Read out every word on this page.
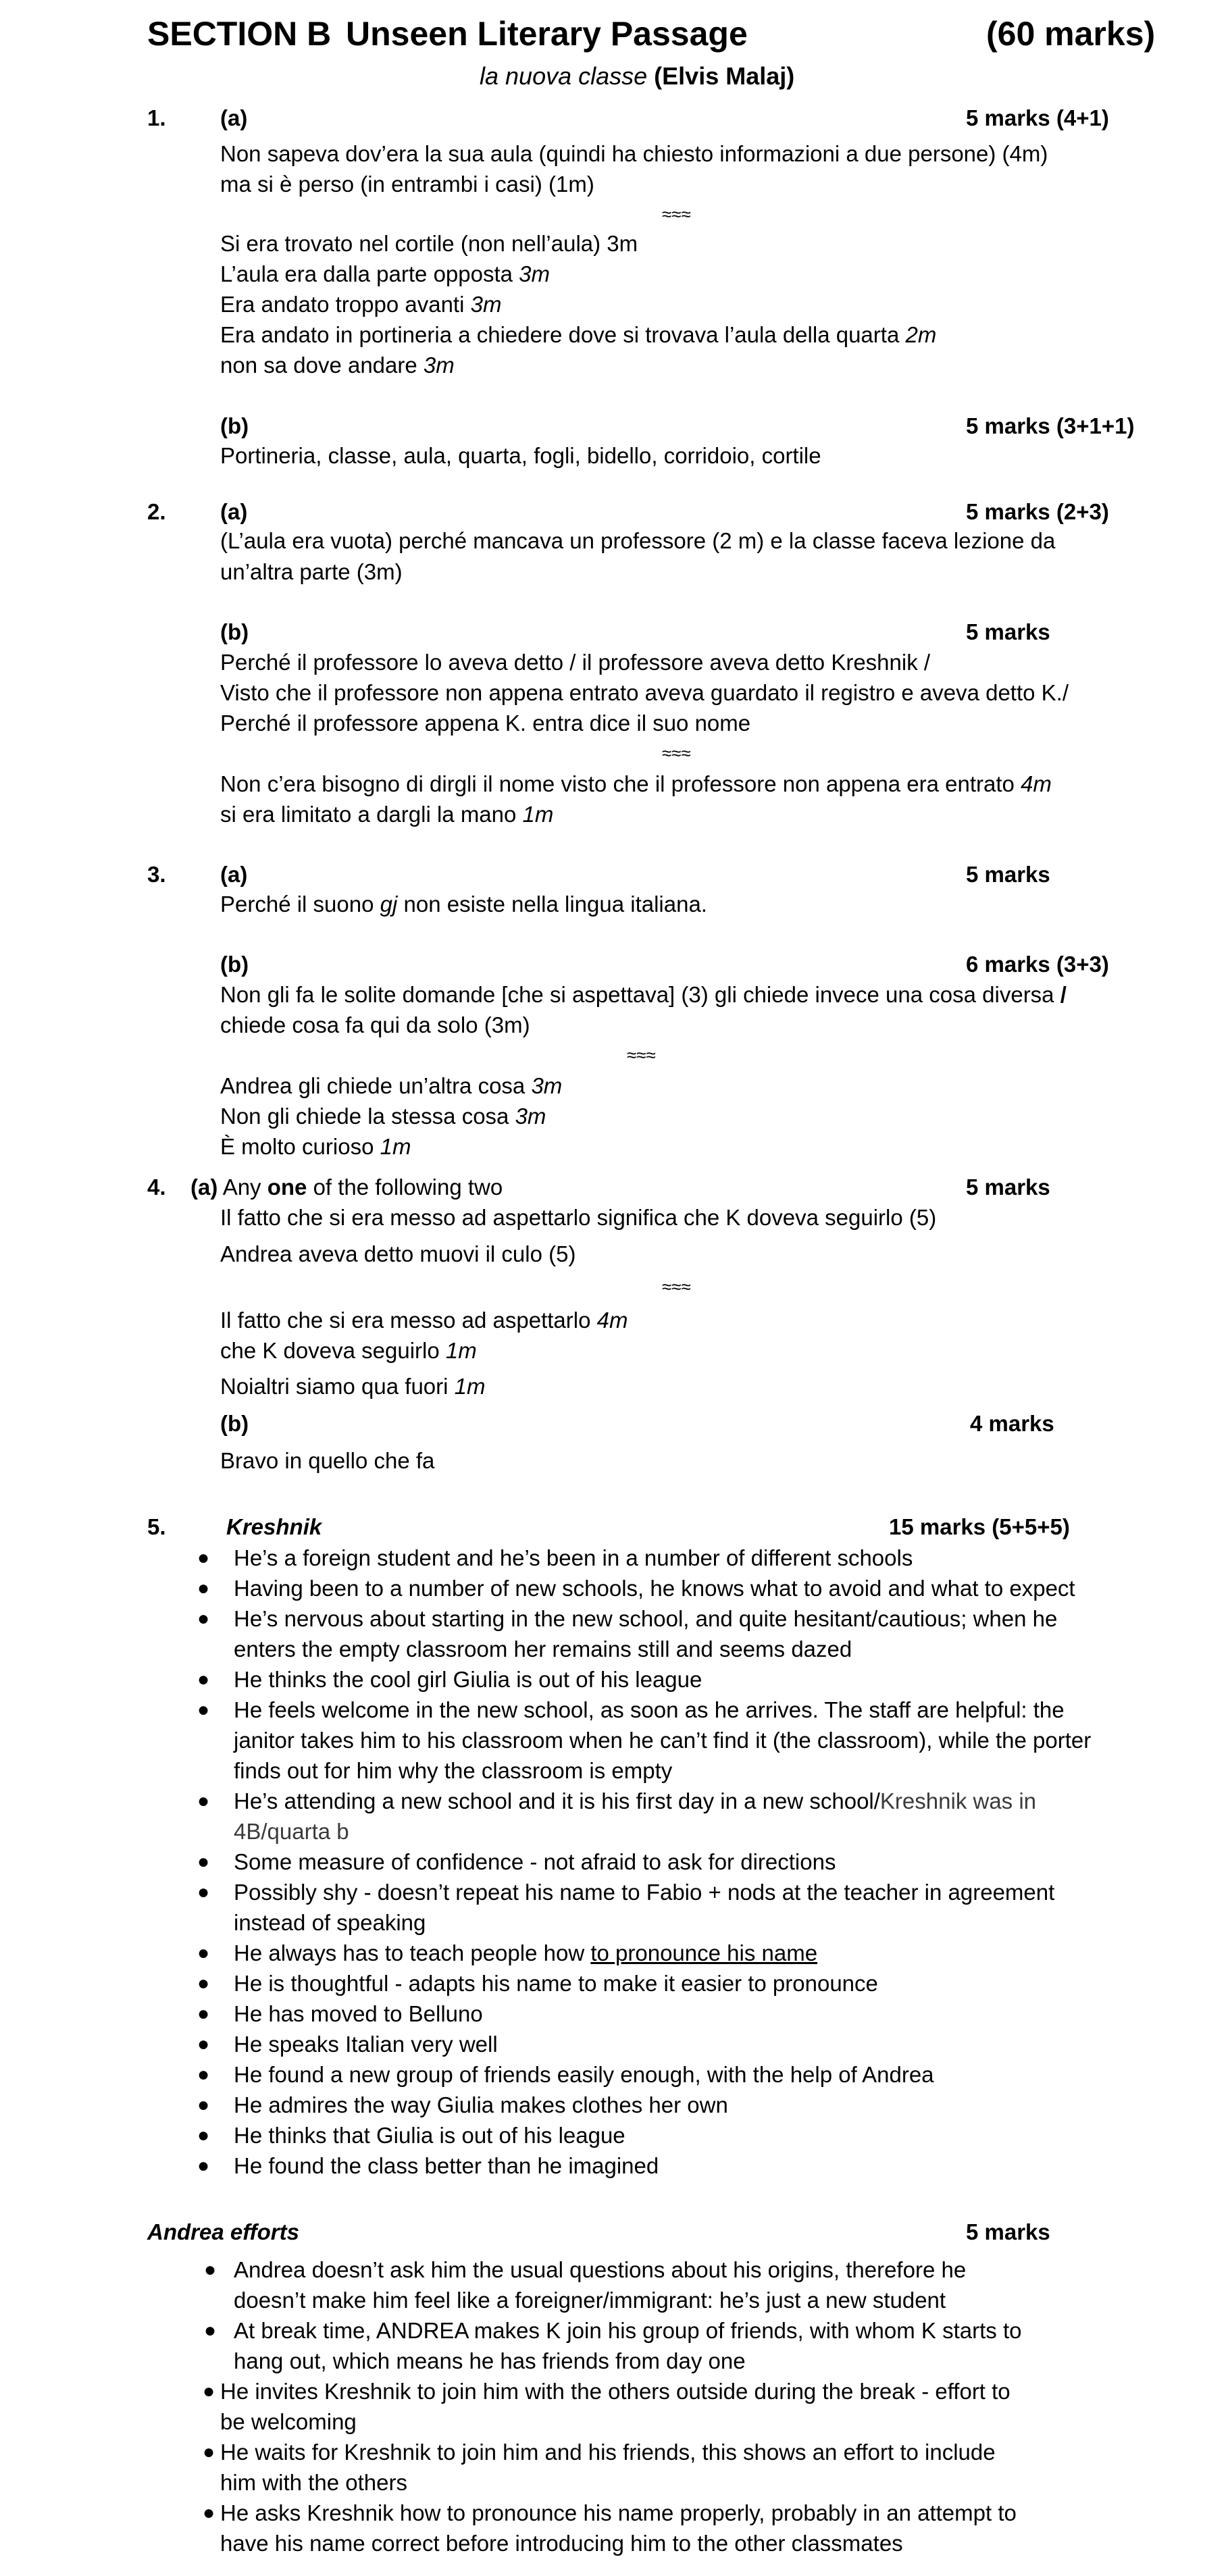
SECTION B Unseen Literary Passage	(60 marks)
la nuova classe (Elvis Malaj)
1. (a)	5 marks (4+1)
Non sapeva dov’era la sua aula (quindi ha chiesto informazioni a due persone) (4m)
ma si è perso (in entrambi i casi) (1m)
≈≈≈
Si era trovato nel cortile (non nell’aula) 3m
L’aula era dalla parte opposta 3m
Era andato troppo avanti 3m
Era andato in portineria a chiedere dove si trovava l’aula della quarta 2m
non sa dove andare 3m
(b)	5 marks (3+1+1)
Portineria, classe, aula, quarta, fogli, bidello, corridoio, cortile
2. (a)	5 marks (2+3)
(L’aula era vuota) perché mancava un professore (2 m) e la classe faceva lezione da
un’altra parte (3m)
(b)	5 marks
Perché il professore lo aveva detto / il professore aveva detto Kreshnik /
Visto che il professore non appena entrato aveva guardato il registro e aveva detto K./
Perché il professore appena K. entra dice il suo nome
≈≈≈
Non c’era bisogno di dirgli il nome visto che il professore non appena era entrato 4m
si era limitato a dargli la mano 1m
3. (a)	5 marks
Perché il suono gj non esiste nella lingua italiana.
(b)	6 marks (3+3)
Non gli fa le solite domande [che si aspettava] (3) gli chiede invece una cosa diversa /
chiede cosa fa qui da solo (3m)
≈≈≈
Andrea gli chiede un’altra cosa 3m
Non gli chiede la stessa cosa 3m
È molto curioso 1m
4. (a) Any one of the following two	5 marks
Il fatto che si era messo ad aspettarlo significa che K doveva seguirlo (5)
Andrea aveva detto muovi il culo (5)
≈≈≈
Il fatto che si era messo ad aspettarlo 4m
che K doveva seguirlo 1m
Noialtri siamo qua fuori 1m
(b)	4 marks
Bravo in quello che fa
5.	Kreshnik	15 marks (5+5+5)
● He’s a foreign student and he’s been in a number of different schools
● Having been to a number of new schools, he knows what to avoid and what to expect
● He’s nervous about starting in the new school, and quite hesitant/cautious; when he
enters the empty classroom her remains still and seems dazed
● He thinks the cool girl Giulia is out of his league
● He feels welcome in the new school, as soon as he arrives. The staff are helpful: the
janitor takes him to his classroom when he can’t find it (the classroom), while the porter
finds out for him why the classroom is empty
● He’s attending a new school and it is his first day in a new school/Kreshnik was in
4B/quarta b
● Some measure of confidence - not afraid to ask for directions
● Possibly shy - doesn’t repeat his name to Fabio + nods at the teacher in agreement
instead of speaking
● He always has to teach people how to pronounce his name
● He is thoughtful - adapts his name to make it easier to pronounce
● He has moved to Belluno
● He speaks Italian very well
● He found a new group of friends easily enough, with the help of Andrea
● He admires the way Giulia makes clothes her own
● He thinks that Giulia is out of his league
● He found the class better than he imagined
Andrea efforts	5 marks
● Andrea doesn’t ask him the usual questions about his origins, therefore he
doesn’t make him feel like a foreigner/immigrant: he’s just a new student
● At break time, ANDREA makes K join his group of friends, with whom K starts to
hang out, which means he has friends from day one
● He invites Kreshnik to join him with the others outside during the break - effort to
be welcoming
● He waits for Kreshnik to join him and his friends, this shows an effort to include
him with the others
● He asks Kreshnik how to pronounce his name properly, probably in an attempt to
have his name correct before introducing him to the other classmates
